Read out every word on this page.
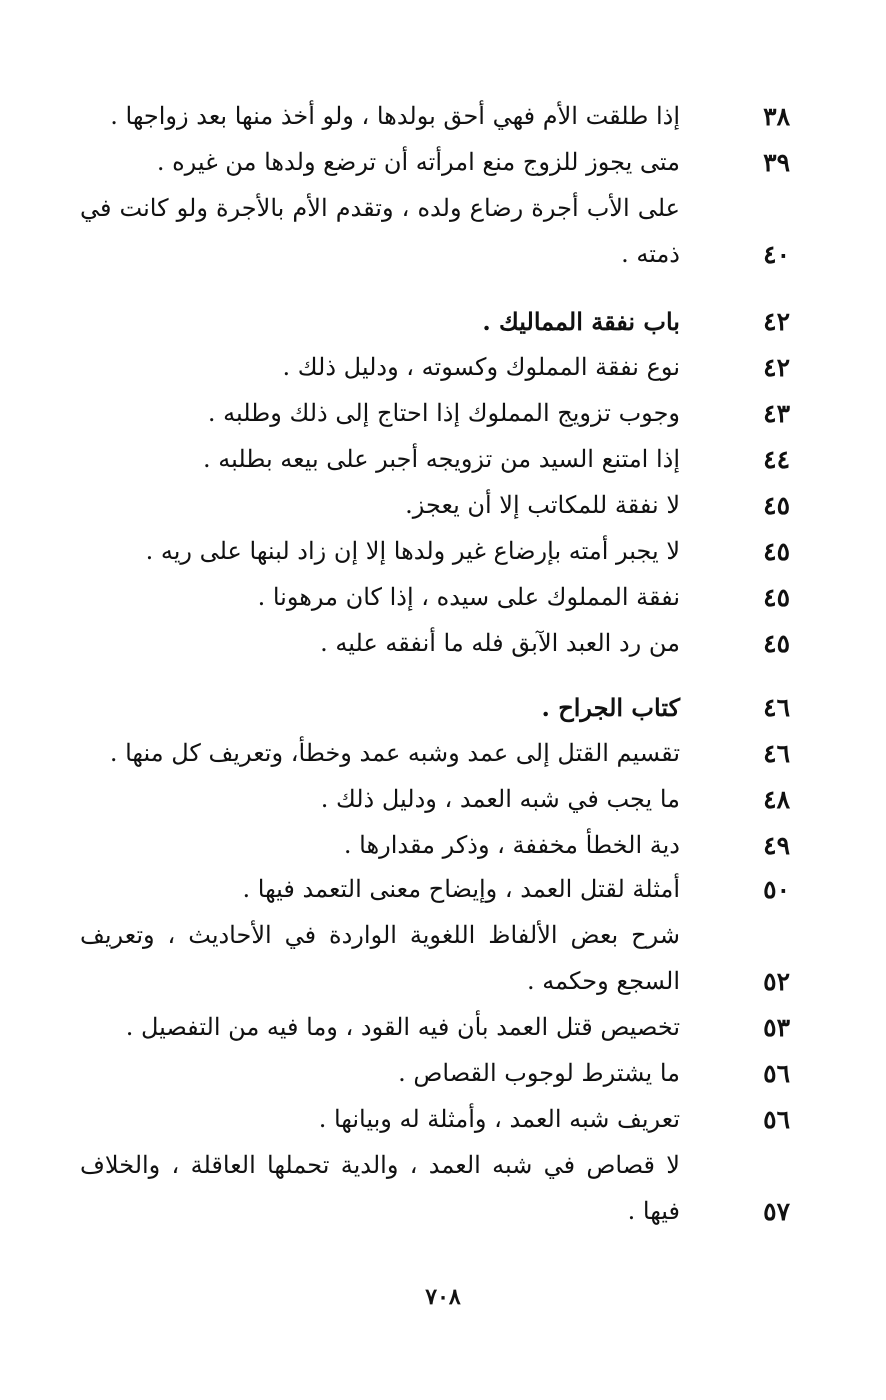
٣٨
إذا طلقت الأم فهي أحق بولدها ، ولو أخذ منها بعد زواجها .
٣٩
متى يجوز للزوج منع امرأته أن ترضع ولدها من غيره .
على الأب أجرة رضاع ولده ، وتقدم الأم بالأجرة ولو كانت في
٤٠
ذمته .
٤٢
باب نفقة المماليك .
٤٢
نوع نفقة المملوك وكسوته ، ودليل ذلك .
٤٣
وجوب تزويج المملوك إذا احتاج إلى ذلك وطلبه .
٤٤
إذا امتنع السيد من تزويجه أجبر على بيعه بطلبه .
٤٥
لا نفقة للمكاتب إلا أن يعجز.
٤٥
لا يجبر أمته بإرضاع غير ولدها إلا إن زاد لبنها على ريه .
٤٥
نفقة المملوك على سيده ، إذا كان مرهونا .
٤٥
من رد العبد الآبق فله ما أنفقه عليه .
٤٦
كتاب الجراح .
٤٦
تقسيم القتل إلى عمد وشبه عمد وخطأ، وتعريف كل منها .
٤٨
ما يجب في شبه العمد ، ودليل ذلك .
٤٩
دية الخطأ مخففة ، وذكر مقدارها .
٥٠
أمثلة لقتل العمد ، وإيضاح معنى التعمد فيها .
شرح بعض الألفاظ اللغوية الواردة في الأحاديث ، وتعريف
٥٢
السجع وحكمه .
٥٣
تخصيص قتل العمد بأن فيه القود ، وما فيه من التفصيل .
٥٦
ما يشترط لوجوب القصاص .
٥٦
تعريف شبه العمد ، وأمثلة له وبيانها .
لا قصاص في شبه العمد ، والدية تحملها العاقلة ، والخلاف
٥٧
فيها .
٧٠٨
